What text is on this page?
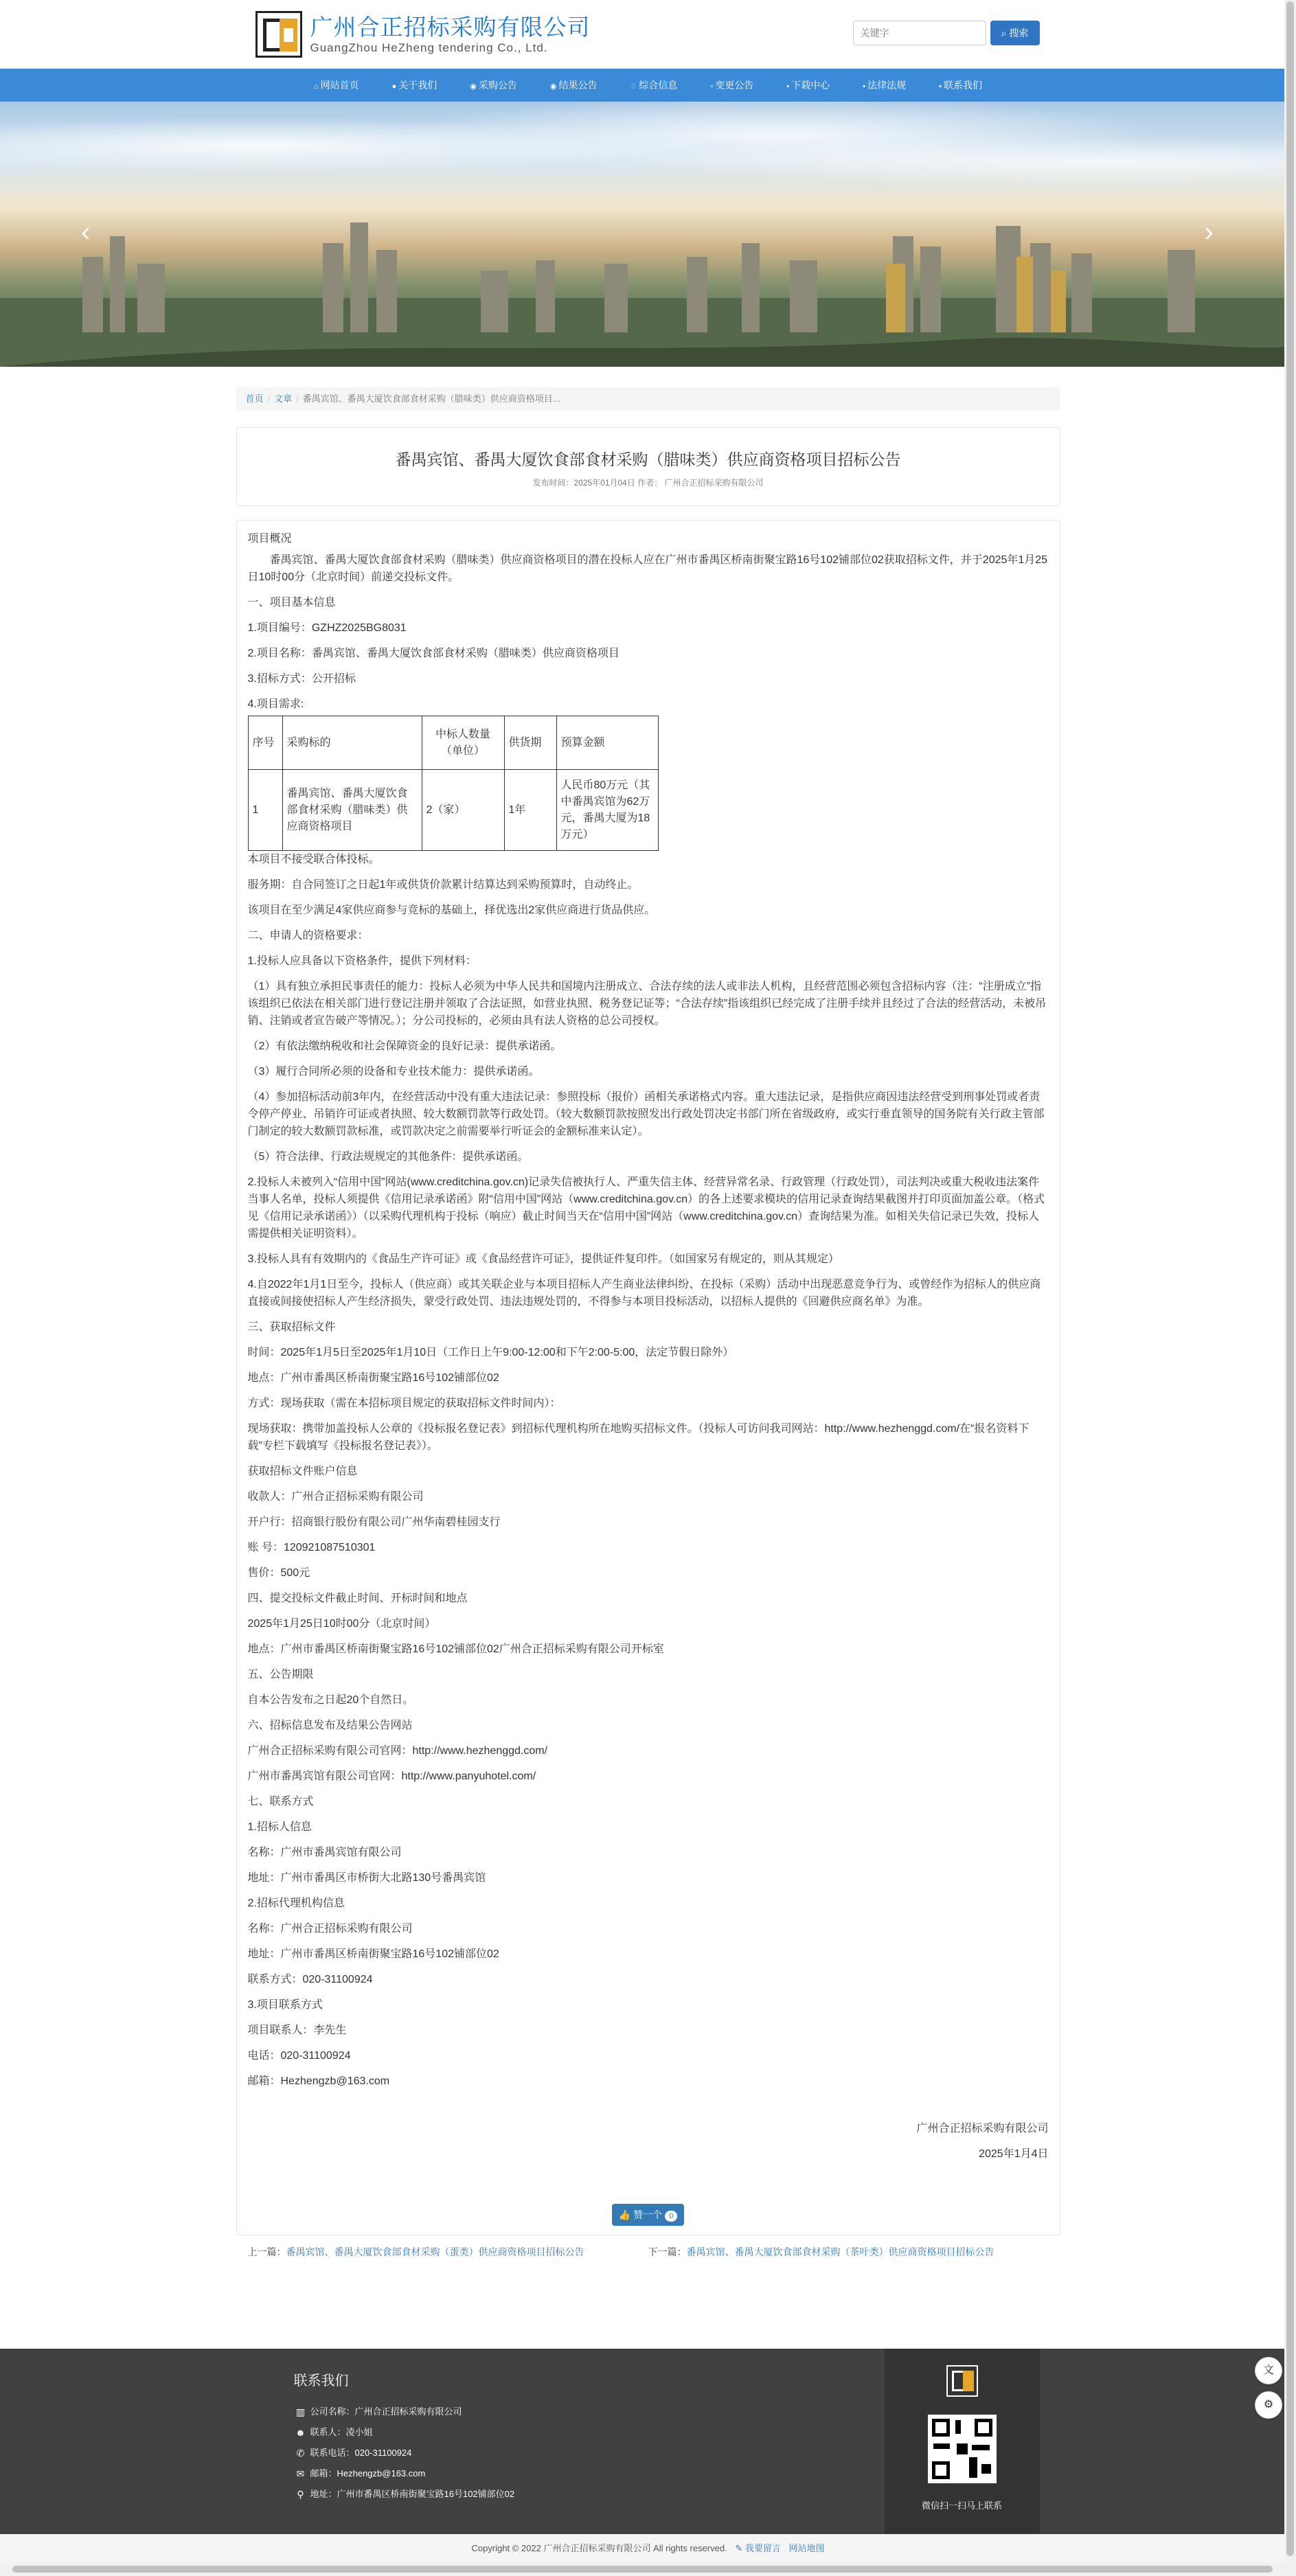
广州合正招标采购有限公司
GuangZhou HeZheng tendering Co., Ltd.
关键字
⌕ 搜索
⌂ 网站首页	● 关于我们	◉ 采购公告	◉ 结果公告	♢ 综合信息	▫ 变更公告	▪ 下载中心	▪ 法律法规	▪ 联系我们
‹	›
首页 / 文章 / 番禺宾馆、番禺大厦饮食部食材采购（腊味类）供应商资格项目...
番禺宾馆、番禺大厦饮食部食材采购（腊味类）供应商资格项目招标公告
发布时间：2025年01月04日 作者： 广州合正招标采购有限公司

项目概况

番禺宾馆、番禺大厦饮食部食材采购（腊味类）供应商资格项目的潜在投标人应在广州市番禺区桥南街聚宝路16号102铺部位02获取招标文件，并于2025年1月25日10时00分（北京时间）前递交投标文件。

一、项目基本信息

1.项目编号：GZHZ2025BG8031

2.项目名称：番禺宾馆、番禺大厦饮食部食材采购（腊味类）供应商资格项目

3.招标方式：公开招标

4.项目需求:

序号	采购标的	中标人数量（单位）	供货期	预算金额
1	番禺宾馆、番禺大厦饮食部食材采购（腊味类）供应商资格项目	2（家）	1年	人民币80万元（其中番禺宾馆为62万元，番禺大厦为18万元）

本项目不接受联合体投标。

服务期：自合同签订之日起1年或供货价款累计结算达到采购预算时，自动终止。

该项目在至少满足4家供应商参与竞标的基础上，择优选出2家供应商进行货品供应。

二、申请人的资格要求：

1.投标人应具备以下资格条件，提供下列材料：

（1）具有独立承担民事责任的能力：投标人必须为中华人民共和国境内注册成立、合法存续的法人或非法人机构，且经营范围必须包含招标内容（注：“注册成立”指该组织已依法在相关部门进行登记注册并领取了合法证照，如营业执照、税务登记证等；“合法存续”指该组织已经完成了注册手续并且经过了合法的经营活动，未被吊销、注销或者宣告破产等情况。）；分公司投标的，必须由具有法人资格的总公司授权。

（2）有依法缴纳税收和社会保障资金的良好记录：提供承诺函。

（3）履行合同所必须的设备和专业技术能力：提供承诺函。

（4）参加招标活动前3年内，在经营活动中没有重大违法记录：参照投标（报价）函相关承诺格式内容。重大违法记录，是指供应商因违法经营受到刑事处罚或者责令停产停业、吊销许可证或者执照、较大数额罚款等行政处罚。（较大数额罚款按照发出行政处罚决定书部门所在省级政府，或实行垂直领导的国务院有关行政主管部门制定的较大数额罚款标准，或罚款决定之前需要举行听证会的金额标准来认定）。

（5）符合法律、行政法规规定的其他条件：提供承诺函。

2.投标人未被列入“信用中国”网站(www.creditchina.gov.cn)记录失信被执行人、严重失信主体、经营异常名录、行政管理（行政处罚），司法判决或重大税收违法案件当事人名单，投标人须提供《信用记录承诺函》附“信用中国”网站（www.creditchina.gov.cn）的各上述要求模块的信用记录查询结果截图并打印页面加盖公章。（格式见《信用记录承诺函》）（以采购代理机构于投标（响应）截止时间当天在“信用中国”网站（www.creditchina.gov.cn）查询结果为准。如相关失信记录已失效，投标人需提供相关证明资料）。

3.投标人具有有效期内的《食品生产许可证》或《食品经营许可证》，提供证件复印件。（如国家另有规定的，则从其规定）

4.自2022年1月1日至今，投标人（供应商）或其关联企业与本项目招标人产生商业法律纠纷、在投标（采购）活动中出现恶意竞争行为、或曾经作为招标人的供应商直接或间接使招标人产生经济损失，蒙受行政处罚、违法违规处罚的，不得参与本项目投标活动，以招标人提供的《回避供应商名单》为准。

三、获取招标文件

时间：2025年1月5日至2025年1月10日（工作日上午9:00-12:00和下午2:00-5:00，法定节假日除外）

地点：广州市番禺区桥南街聚宝路16号102铺部位02

方式：现场获取（需在本招标项目规定的获取招标文件时间内）：

现场获取：携带加盖投标人公章的《投标报名登记表》到招标代理机构所在地购买招标文件。（投标人可访问我司网站：http://www.hezhenggd.com/在“报名资料下载”专栏下载填写《投标报名登记表》）。

获取招标文件账户信息

收款人：广州合正招标采购有限公司

开户行：招商银行股份有限公司广州华南碧桂园支行

账 号：120921087510301

售价：500元

四、提交投标文件截止时间、开标时间和地点

2025年1月25日10时00分（北京时间）

地点：广州市番禺区桥南街聚宝路16号102铺部位02广州合正招标采购有限公司开标室

五、公告期限

自本公告发布之日起20个自然日。

六、招标信息发布及结果公告网站

广州合正招标采购有限公司官网：http://www.hezhenggd.com/

广州市番禺宾馆有限公司官网：http://www.panyuhotel.com/

七、联系方式

1.招标人信息

名称：广州市番禺宾馆有限公司

地址：广州市番禺区市桥街大北路130号番禺宾馆

2.招标代理机构信息

名称：广州合正招标采购有限公司

地址：广州市番禺区桥南街聚宝路16号102铺部位02

联系方式：020-31100924

3.项目联系方式

项目联系人：李先生

电话：020-31100924

邮箱：Hezhengzb@163.com

广州合正招标采购有限公司

2025年1月4日

👍 赞一个 0
上一篇：番禺宾馆、番禺大厦饮食部食材采购（蛋类）供应商资格项目招标公告	下一篇：番禺宾馆、番禺大厦饮食部食材采购（茶叶类）供应商资格项目招标公告
联系我们
▥ 公司名称：广州合正招标采购有限公司
☻ 联系人：凌小姐
✆ 联系电话：020-31100924
✉ 邮箱：Hezhengzb@163.com
⚲ 地址：广州市番禺区桥南街聚宝路16号102铺部位02
微信扫一扫马上联系
Copyright © 2022 广州合正招标采购有限公司 All rights reserved. ✎ 我要留言 网站地图
文
⚙
